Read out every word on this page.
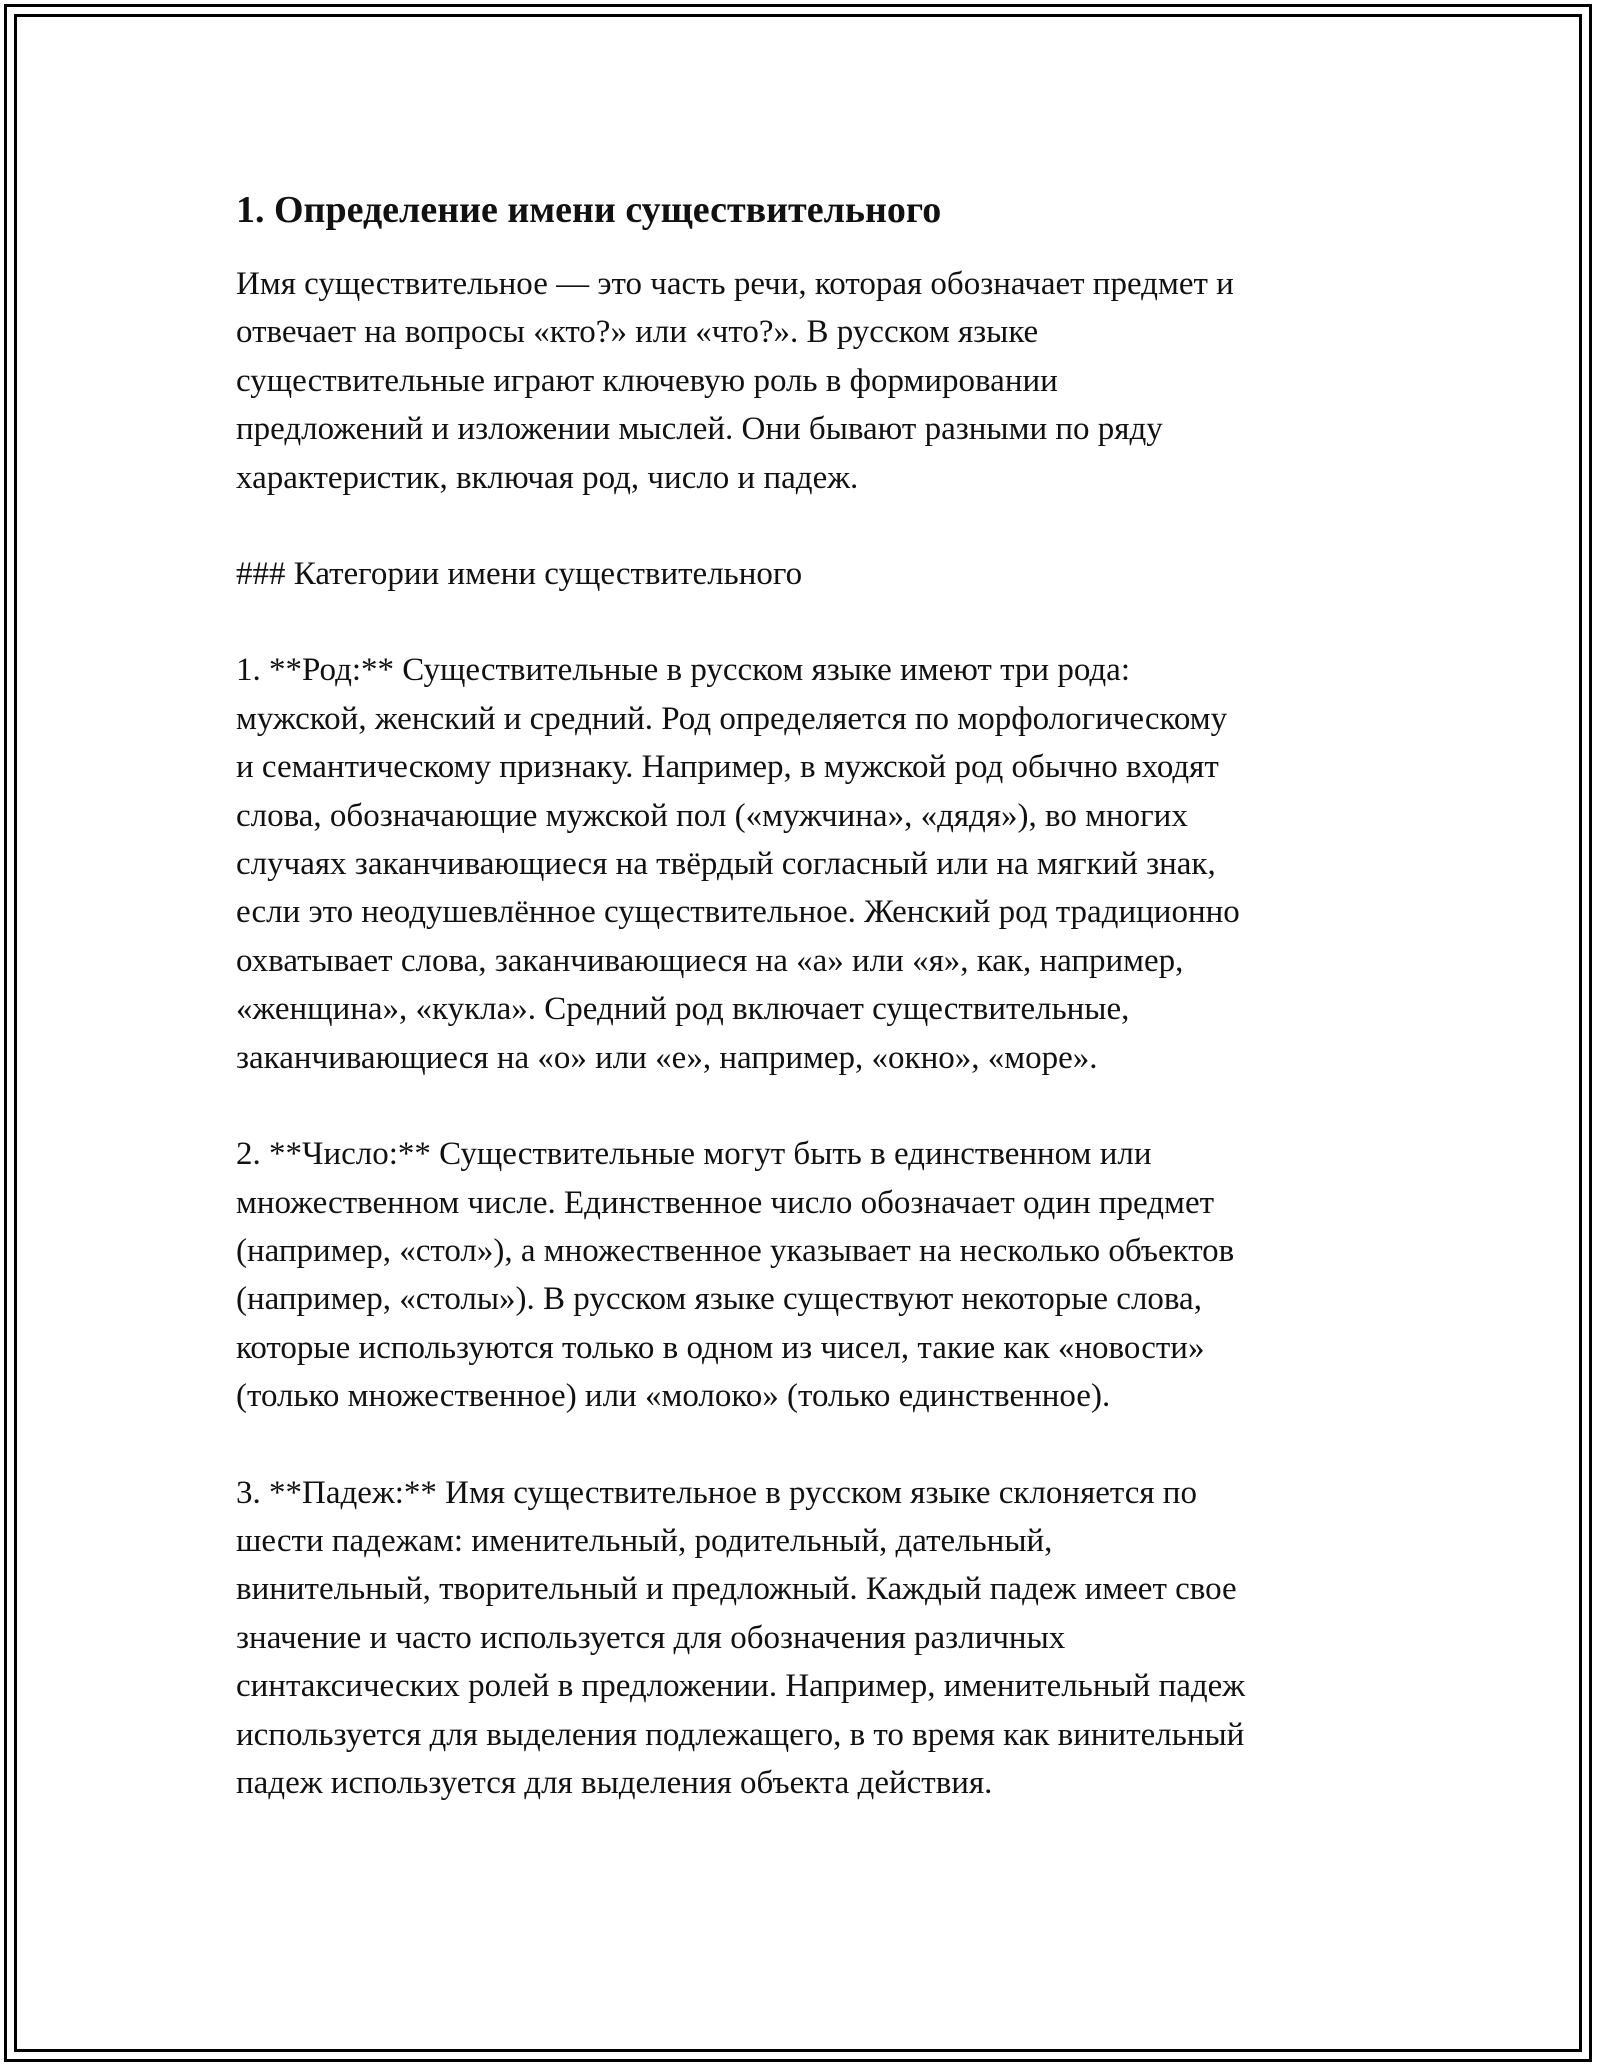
1. Определение имени существительного

Имя существительное — это часть речи, которая обозначает предмет и
отвечает на вопросы «кто?» или «что?». В русском языке
существительные играют ключевую роль в формировании
предложений и изложении мыслей. Они бывают разными по ряду
характеристик, включая род, число и падеж.

### Категории имени существительного

1. **Род:** Существительные в русском языке имеют три рода:
мужской, женский и средний. Род определяется по морфологическому
и семантическому признаку. Например, в мужской род обычно входят
слова, обозначающие мужской пол («мужчина», «дядя»), во многих
случаях заканчивающиеся на твёрдый согласный или на мягкий знак,
если это неодушевлённое существительное. Женский род традиционно
охватывает слова, заканчивающиеся на «а» или «я», как, например,
«женщина», «кукла». Средний род включает существительные,
заканчивающиеся на «о» или «е», например, «окно», «море».

2. **Число:** Существительные могут быть в единственном или
множественном числе. Единственное число обозначает один предмет
(например, «стол»), а множественное указывает на несколько объектов
(например, «столы»). В русском языке существуют некоторые слова,
которые используются только в одном из чисел, такие как «новости»
(только множественное) или «молоко» (только единственное).

3. **Падеж:** Имя существительное в русском языке склоняется по
шести падежам: именительный, родительный, дательный,
винительный, творительный и предложный. Каждый падеж имеет свое
значение и часто используется для обозначения различных
синтаксических ролей в предложении. Например, именительный падеж
используется для выделения подлежащего, в то время как винительный
падеж используется для выделения объекта действия.
